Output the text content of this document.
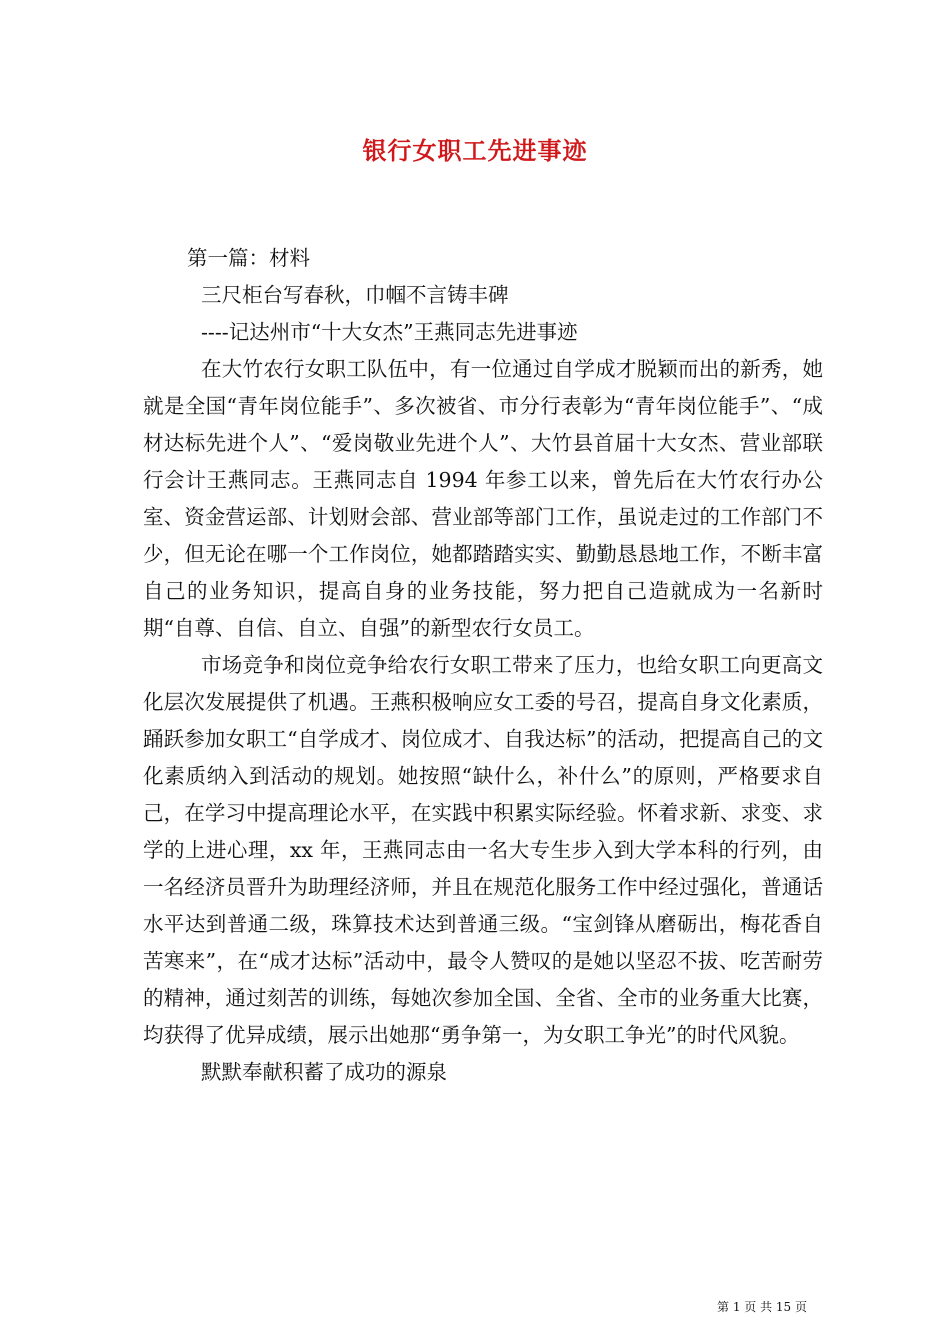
银行女职工先进事迹

第一篇：材料

三尺柜台写春秋，巾帼不言铸丰碑

----记达州市“十大女杰”王燕同志先进事迹

在大竹农行女职工队伍中，有一位通过自学成才脱颖而出的新秀，她就是全国“青年岗位能手”、多次被省、市分行表彰为“青年岗位能手”、“成材达标先进个人”、“爱岗敬业先进个人”、大竹县首届十大女杰、营业部联行会计王燕同志。王燕同志自 1994 年参工以来，曾先后在大竹农行办公室、资金营运部、计划财会部、营业部等部门工作，虽说走过的工作部门不少，但无论在哪一个工作岗位，她都踏踏实实、勤勤恳恳地工作，不断丰富自己的业务知识，提高自身的业务技能，努力把自己造就成为一名新时期“自尊、自信、自立、自强”的新型农行女员工。

市场竞争和岗位竞争给农行女职工带来了压力，也给女职工向更高文化层次发展提供了机遇。王燕积极响应女工委的号召，提高自身文化素质，踊跃参加女职工“自学成才、岗位成才、自我达标”的活动，把提高自己的文化素质纳入到活动的规划。她按照“缺什么，补什么”的原则，严格要求自己，在学习中提高理论水平，在实践中积累实际经验。怀着求新、求变、求学的上进心理，xx 年，王燕同志由一名大专生步入到大学本科的行列，由一名经济员晋升为助理经济师，并且在规范化服务工作中经过强化，普通话水平达到普通二级，珠算技术达到普通三级。“宝剑锋从磨砺出，梅花香自苦寒来”，在“成才达标”活动中，最令人赞叹的是她以坚忍不拔、吃苦耐劳的精神，通过刻苦的训练，每她次参加全国、全省、全市的业务重大比赛，均获得了优异成绩，展示出她那“勇争第一，为女职工争光”的时代风貌。

默默奉献积蓄了成功的源泉

第 1 页 共 15 页
